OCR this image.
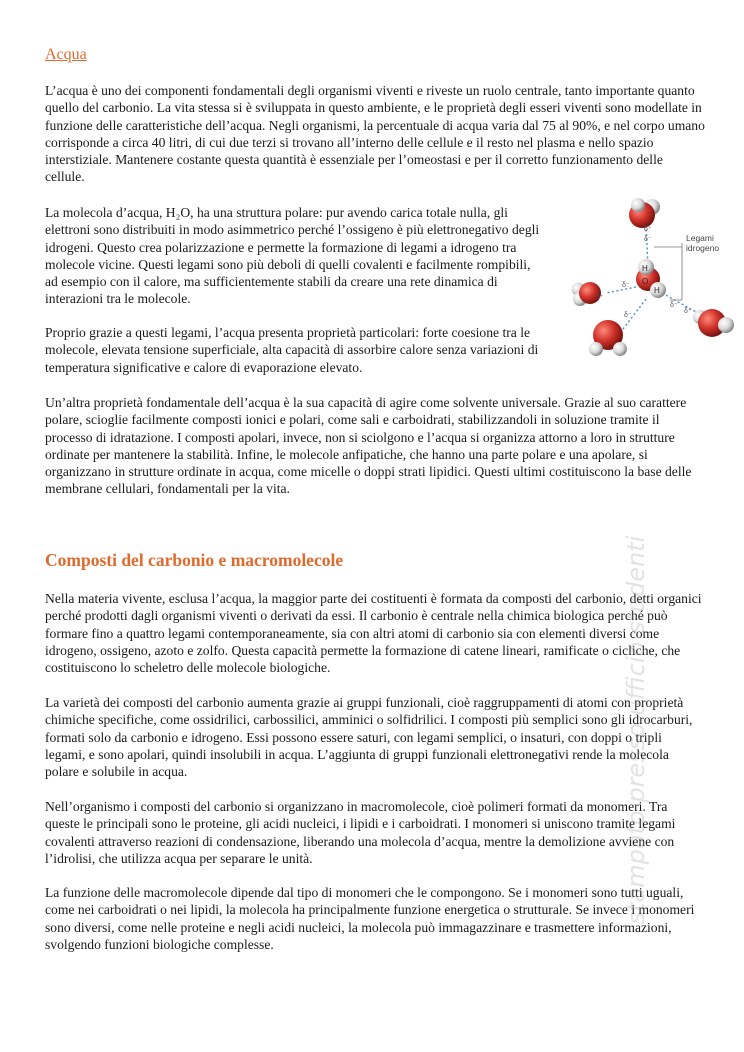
Acqua

L’acqua è uno dei componenti fondamentali degli organismi viventi e riveste un ruolo centrale, tanto importante quanto quello del carbonio. La vita stessa si è sviluppata in questo ambiente, e le proprietà degli esseri viventi sono modellate in funzione delle caratteristiche dell’acqua. Negli organismi, la percentuale di acqua varia dal 75 al 90%, e nel corpo umano corrisponde a circa 40 litri, di cui due terzi si trovano all’interno delle cellule e il resto nel plasma e nello spazio interstiziale. Mantenere costante questa quantità è essenziale per l’omeostasi e per il corretto funzionamento delle cellule.

La molecola d’acqua, H₂O, ha una struttura polare: pur avendo carica totale nulla, gli elettroni sono distribuiti in modo asimmetrico perché l’ossigeno è più elettronegativo degli idrogeni. Questo crea polarizzazione e permette la formazione di legami a idrogeno tra molecole vicine. Questi legami sono più deboli di quelli covalenti e facilmente rompibili, ad esempio con il calore, ma sufficientemente stabili da creare una rete dinamica di interazioni tra le molecole.

Proprio grazie a questi legami, l’acqua presenta proprietà particolari: forte coesione tra le molecole, elevata tensione superficiale, alta capacità di assorbire calore senza variazioni di temperatura significative e calore di evaporazione elevato.

Un’altra proprietà fondamentale dell’acqua è la sua capacità di agire come solvente universale. Grazie al suo carattere polare, scioglie facilmente composti ionici e polari, come sali e carboidrati, stabilizzandoli in soluzione tramite il processo di idratazione. I composti apolari, invece, non si sciolgono e l’acqua si organizza attorno a loro in strutture ordinate per mantenere la stabilità. Infine, le molecole anfipatiche, che hanno una parte polare e una apolare, si organizzano in strutture ordinate in acqua, come micelle o doppi strati lipidici. Questi ultimi costituiscono la base delle membrane cellulari, fondamentali per la vita.

Legami
idrogeno
H
O
H
δ⁻
δ⁺
δ⁻
δ⁺
δ⁻
δ⁻
δ⁺
Composti del carbonio e macromolecole

Nella materia vivente, esclusa l’acqua, la maggior parte dei costituenti è formata da composti del carbonio, detti organici perché prodotti dagli organismi viventi o derivati da essi. Il carbonio è centrale nella chimica biologica perché può formare fino a quattro legami contemporaneamente, sia con altri atomi di carbonio sia con elementi diversi come idrogeno, ossigeno, azoto e zolfo. Questa capacità permette la formazione di catene lineari, ramificate o cicliche, che costituiscono lo scheletro delle molecole biologiche.

La varietà dei composti del carbonio aumenta grazie ai gruppi funzionali, cioè raggruppamenti di atomi con proprietà chimiche specifiche, come ossidrilici, carbossilici, amminici o solfidrilici. I composti più semplici sono gli idrocarburi, formati solo da carbonio e idrogeno. Essi possono essere saturi, con legami semplici, o insaturi, con doppi o tripli legami, e sono apolari, quindi insolubili in acqua. L’aggiunta di gruppi funzionali elettronegativi rende la molecola polare e solubile in acqua.

Nell’organismo i composti del carbonio si organizzano in macromolecole, cioè polimeri formati da monomeri. Tra queste le principali sono le proteine, gli acidi nucleici, i lipidi e i carboidrati. I monomeri si uniscono tramite legami covalenti attraverso reazioni di condensazione, liberando una molecola d’acqua, mentre la demolizione avviene con l’idrolisi, che utilizza acqua per separare le unità.

La funzione delle macromolecole dipende dal tipo di monomeri che le compongono. Se i monomeri sono tutti uguali, come nei carboidrati o nei lipidi, la molecola ha principalmente funzione energetica o strutturale. Se invece i monomeri sono diversi, come nelle proteine e negli acidi nucleici, la molecola può immagazzinare e trasmettere informazioni, svolgendo funzioni biologiche complesse.

stampato presso ufficio studenti
